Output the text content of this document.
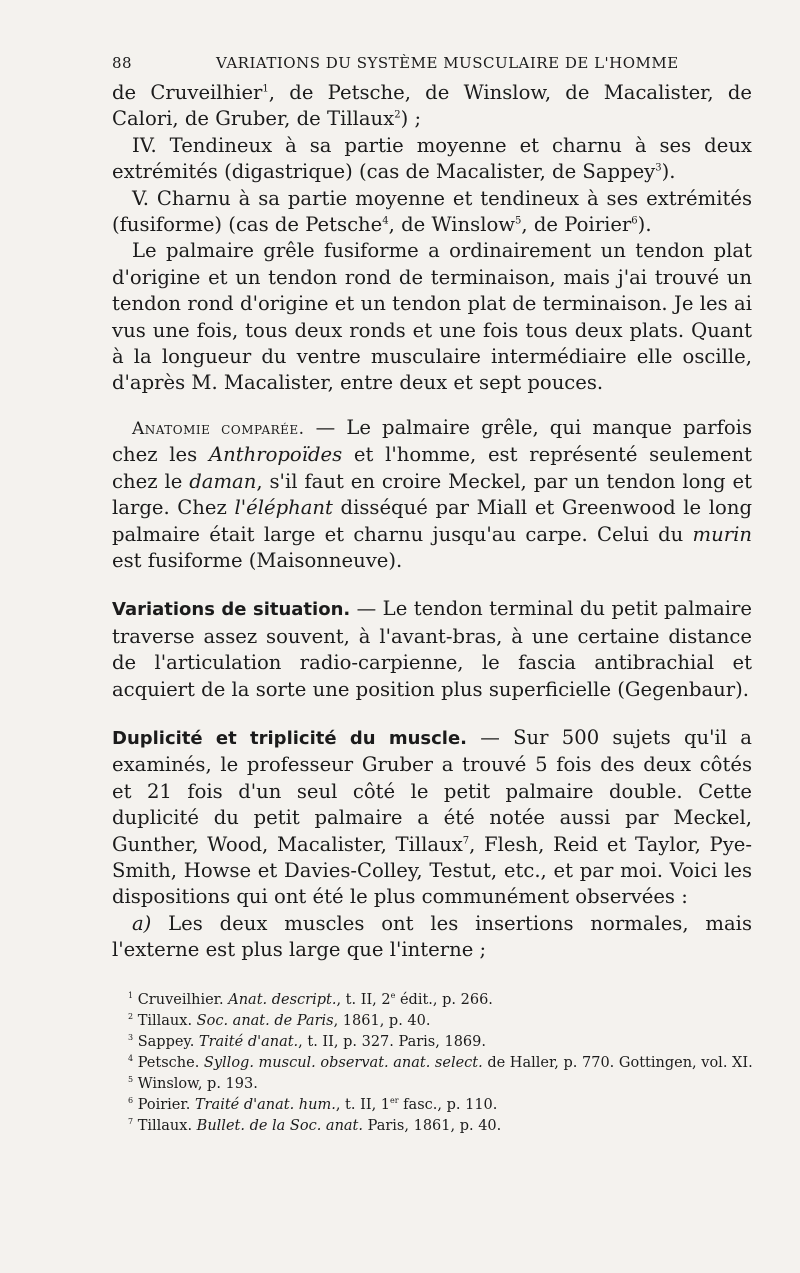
88	VARIATIONS DU SYSTÈME MUSCULAIRE DE L'HOMME

de Cruveilhier$^1$, de Petsche, de Winslow, de Macalister, de Calori, de Gruber, de Tillaux$^2$) ;

IV. Tendineux à sa partie moyenne et charnu à ses deux extrémités (digastrique) (cas de Macalister, de Sappey$^3$).

V. Charnu à sa partie moyenne et tendineux à ses extrémités (fusiforme) (cas de Petsche$^4$, de Winslow$^5$, de Poirier$^6$).

Le palmaire grêle fusiforme a ordinairement un tendon plat d'origine et un tendon rond de terminaison, mais j'ai trouvé un tendon rond d'origine et un tendon plat de terminaison. Je les ai vus une fois, tous deux ronds et une fois tous deux plats. Quant à la longueur du ventre musculaire intermédiaire elle oscille, d'après M. Macalister, entre deux et sept pouces.

Anatomie comparée. — Le palmaire grêle, qui manque parfois chez les Anthropoïdes et l'homme, est représenté seulement chez le daman, s'il faut en croire Meckel, par un tendon long et large. Chez l'éléphant disséqué par Miall et Greenwood le long palmaire était large et charnu jusqu'au carpe. Celui du murin est fusiforme (Maisonneuve).

Variations de situation. — Le tendon terminal du petit palmaire traverse assez souvent, à l'avant-bras, à une certaine distance de l'articulation radio-carpienne, le fascia antibrachial et acquiert de la sorte une position plus superficielle (Gegenbaur).

Duplicité et triplicité du muscle. — Sur 500 sujets qu'il a examinés, le professeur Gruber a trouvé 5 fois des deux côtés et 21 fois d'un seul côté le petit palmaire double. Cette duplicité du petit palmaire a été notée aussi par Meckel, Gunther, Wood, Macalister, Tillaux$^7$, Flesh, Reid et Taylor, Pye-Smith, Howse et Davies-Colley, Testut, etc., et par moi. Voici les dispositions qui ont été le plus communément observées :

a) Les deux muscles ont les insertions normales, mais l'externe est plus large que l'interne ;

$^1$ Cruveilhier. Anat. descript., t. II, 2e édit., p. 266.
$^2$ Tillaux. Soc. anat. de Paris, 1861, p. 40.
$^3$ Sappey. Traité d'anat., t. II, p. 327. Paris, 1869.
$^4$ Petsche. Syllog. muscul. observat. anat. select. de Haller, p. 770. Gottingen, vol. XI.
$^5$ Winslow, p. 193.
$^6$ Poirier. Traité d'anat. hum., t. II, 1er fasc., p. 110.
$^7$ Tillaux. Bullet. de la Soc. anat. Paris, 1861, p. 40.
